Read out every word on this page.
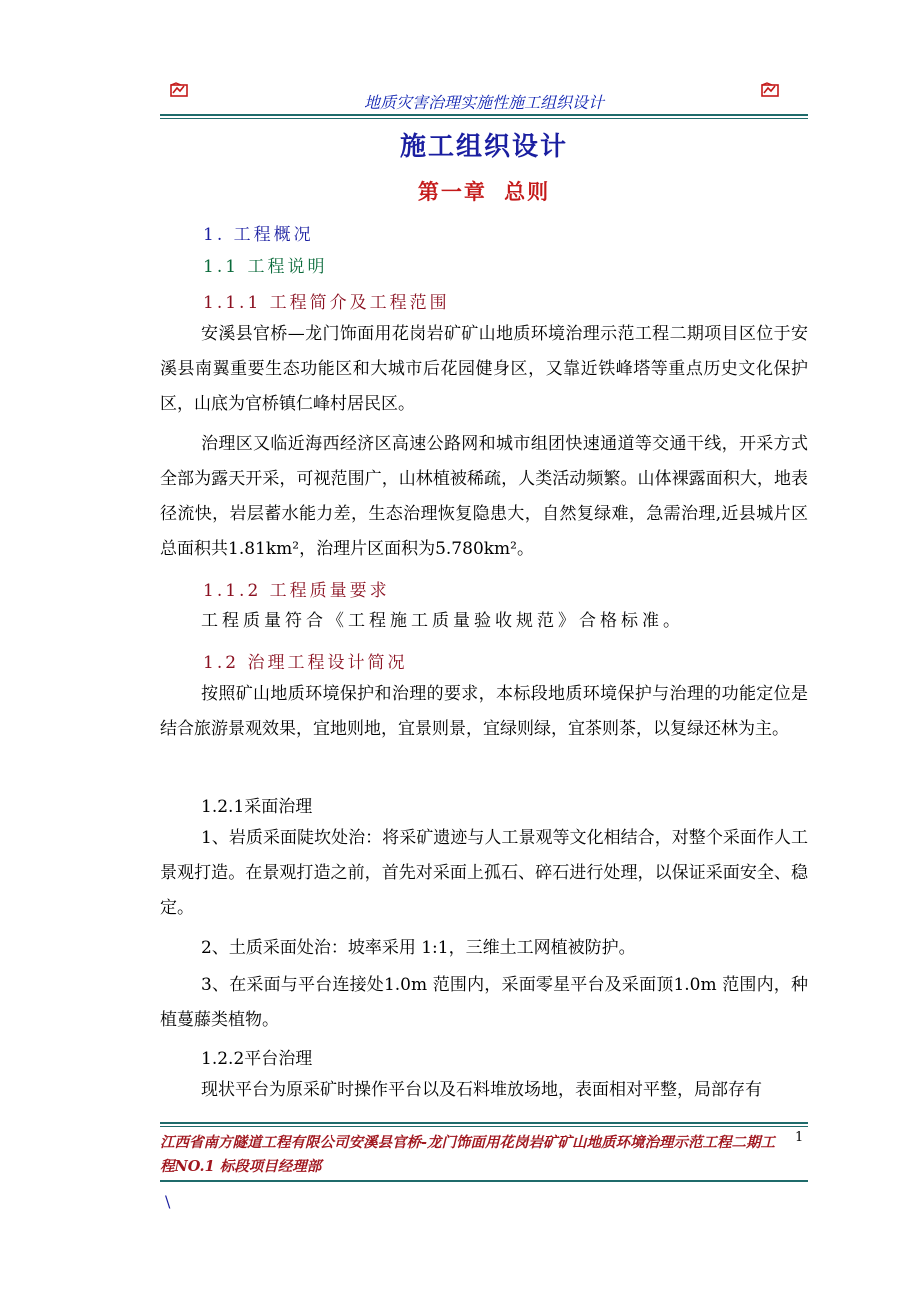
地质灾害治理实施性施工组织设计
施工组织设计
第一章 总则
1. 工程概况
1.1 工程说明
1.1.1 工程简介及工程范围
安溪县官桥—龙门饰面用花岗岩矿矿山地质环境治理示范工程二期项目区位于安溪县南翼重要生态功能区和大城市后花园健身区，又靠近铁峰塔等重点历史文化保护区，山底为官桥镇仁峰村居民区。
治理区又临近海西经济区高速公路网和城市组团快速通道等交通干线，开采方式全部为露天开采，可视范围广，山林植被稀疏，人类活动频繁。山体裸露面积大，地表径流快，岩层蓄水能力差，生态治理恢复隐患大，自然复绿难，急需治理,近县城片区总面积共1.81km²，治理片区面积为5.780km²。
1.1.2 工程质量要求
工程质量符合《工程施工质量验收规范》合格标准。
1.2 治理工程设计简况
按照矿山地质环境保护和治理的要求，本标段地质环境保护与治理的功能定位是结合旅游景观效果，宜地则地，宜景则景，宜绿则绿，宜茶则茶，以复绿还林为主。
1.2.1采面治理
1、岩质采面陡坎处治：将采矿遗迹与人工景观等文化相结合，对整个采面作人工景观打造。在景观打造之前，首先对采面上孤石、碎石进行处理，以保证采面安全、稳定。
2、土质采面处治：坡率采用 1:1，三维土工网植被防护。
3、在采面与平台连接处1.0m 范围内，采面零星平台及采面顶1.0m 范围内，种植蔓藤类植物。
1.2.2平台治理
现状平台为原采矿时操作平台以及石料堆放场地，表面相对平整，局部存有
江西省南方隧道工程有限公司安溪县官桥-龙门饰面用花岗岩矿矿山地质环境治理示范工程二期工程NO.1 标段项目经理部
1
\
